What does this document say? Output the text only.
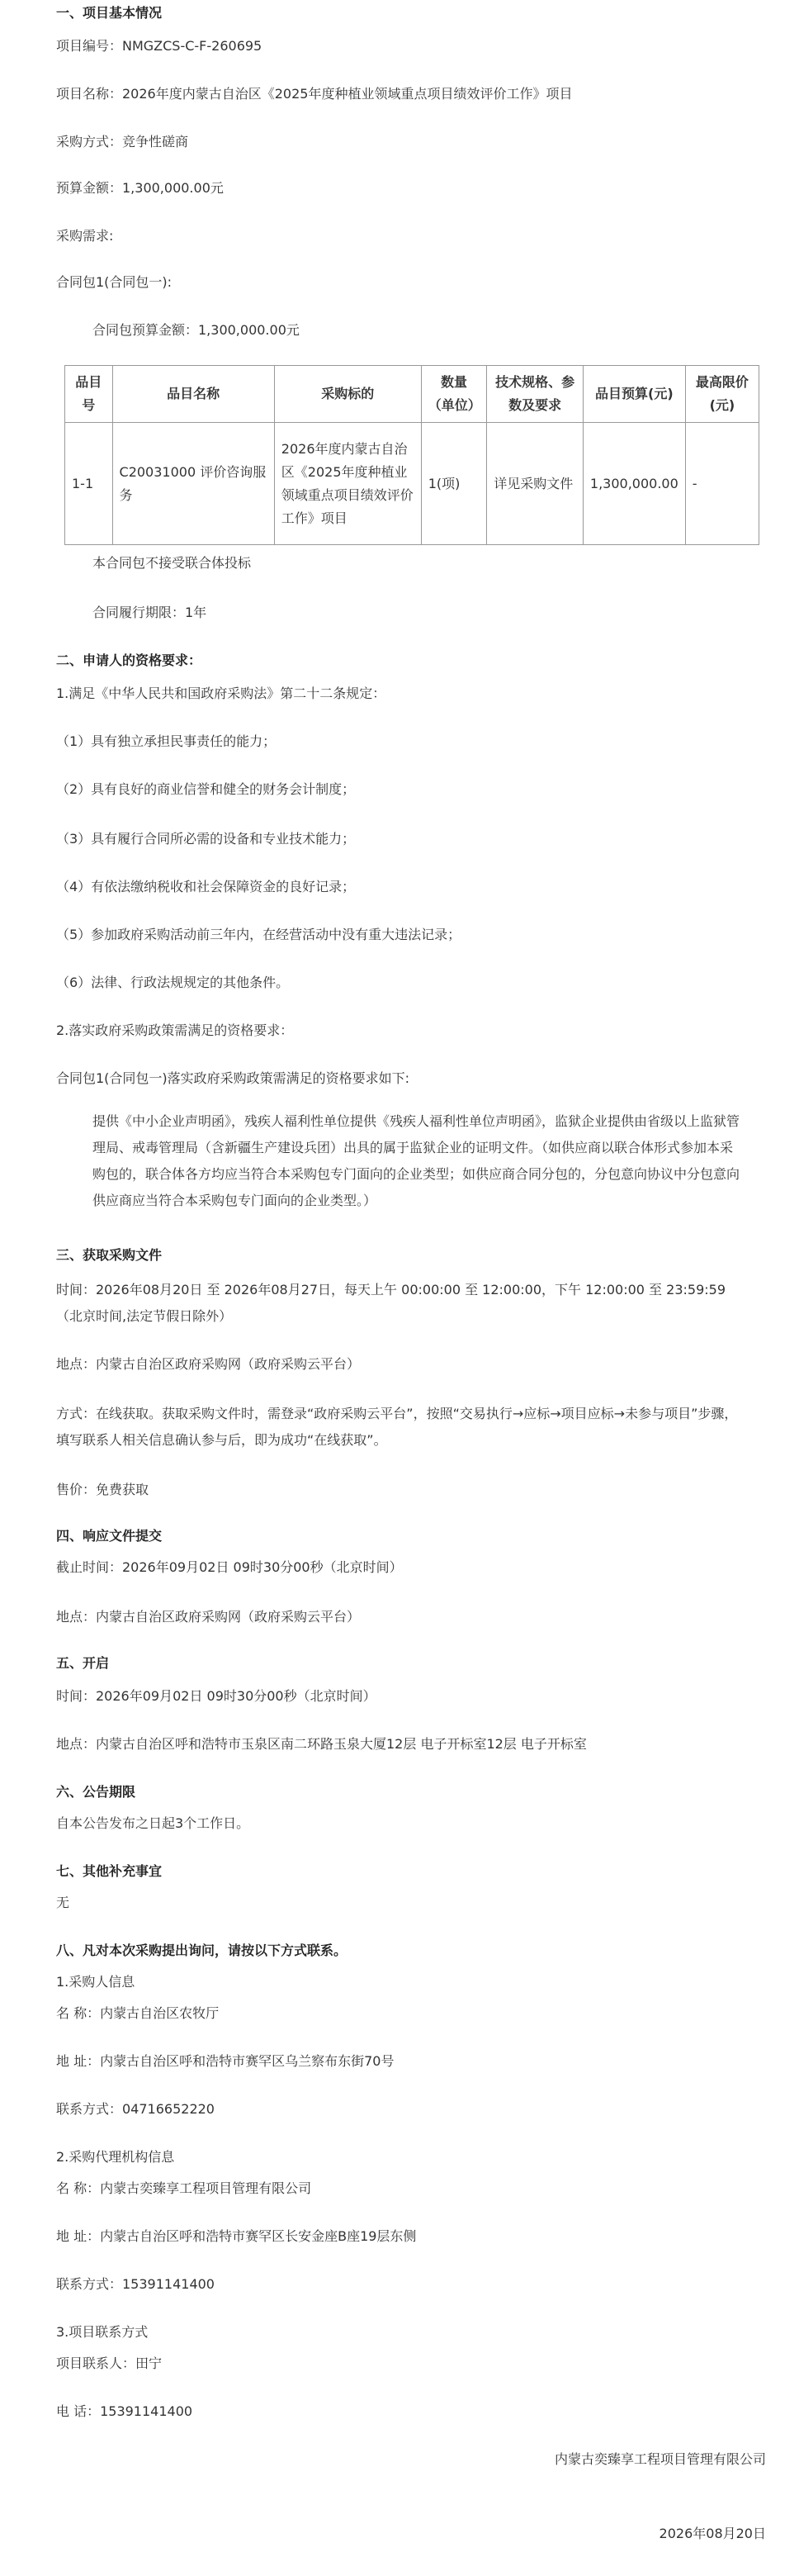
一、项目基本情况
项目编号：NMGZCS-C-F-260695
项目名称：2026年度内蒙古自治区《2025年度种植业领域重点项目绩效评价工作》项目
采购方式：竞争性磋商
预算金额：1,300,000.00元
采购需求:
合同包1(合同包一):
合同包预算金额：1,300,000.00元
品目号	品目名称	采购标的	数量（单位）	技术规格、参数及要求	品目预算(元)	最高限价(元)
1-1	C20031000 评价咨询服务	2026年度内蒙古自治区《2025年度种植业领域重点项目绩效评价工作》项目	1(项)	详见采购文件	1,300,000.00	-
本合同包不接受联合体投标
合同履行期限：1年
二、申请人的资格要求：
1.满足《中华人民共和国政府采购法》第二十二条规定：
（1）具有独立承担民事责任的能力；
（2）具有良好的商业信誉和健全的财务会计制度；
（3）具有履行合同所必需的设备和专业技术能力；
（4）有依法缴纳税收和社会保障资金的良好记录；
（5）参加政府采购活动前三年内，在经营活动中没有重大违法记录；
（6）法律、行政法规规定的其他条件。
2.落实政府采购政策需满足的资格要求：
合同包1(合同包一)落实政府采购政策需满足的资格要求如下:
提供《中小企业声明函》，残疾人福利性单位提供《残疾人福利性单位声明函》，监狱企业提供由省级以上监狱管理局、戒毒管理局（含新疆生产建设兵团）出具的属于监狱企业的证明文件。（如供应商以联合体形式参加本采购包的，联合体各方均应当符合本采购包专门面向的企业类型；如供应商合同分包的，分包意向协议中分包意向供应商应当符合本采购包专门面向的企业类型。）
三、获取采购文件
时间：2026年08月20日 至 2026年08月27日，每天上午 00:00:00 至 12:00:00，下午 12:00:00 至 23:59:59（北京时间,法定节假日除外）
地点：内蒙古自治区政府采购网（政府采购云平台）
方式：在线获取。获取采购文件时，需登录“政府采购云平台”，按照“交易执行→应标→项目应标→未参与项目”步骤，填写联系人相关信息确认参与后，即为成功“在线获取”。
售价：免费获取
四、响应文件提交
截止时间：2026年09月02日 09时30分00秒（北京时间）
地点：内蒙古自治区政府采购网（政府采购云平台）
五、开启
时间：2026年09月02日 09时30分00秒（北京时间）
地点：内蒙古自治区呼和浩特市玉泉区南二环路玉泉大厦12层 电子开标室12层 电子开标室
六、公告期限
自本公告发布之日起3个工作日。
七、其他补充事宜
无
八、凡对本次采购提出询问，请按以下方式联系。
1.采购人信息
名 称：内蒙古自治区农牧厅
地 址：内蒙古自治区呼和浩特市赛罕区乌兰察布东街70号
联系方式：04716652220
2.采购代理机构信息
名 称：内蒙古奕臻享工程项目管理有限公司
地 址：内蒙古自治区呼和浩特市赛罕区长安金座B座19层东侧
联系方式：15391141400
3.项目联系方式
项目联系人：田宁
电 话：15391141400
内蒙古奕臻享工程项目管理有限公司
2026年08月20日
